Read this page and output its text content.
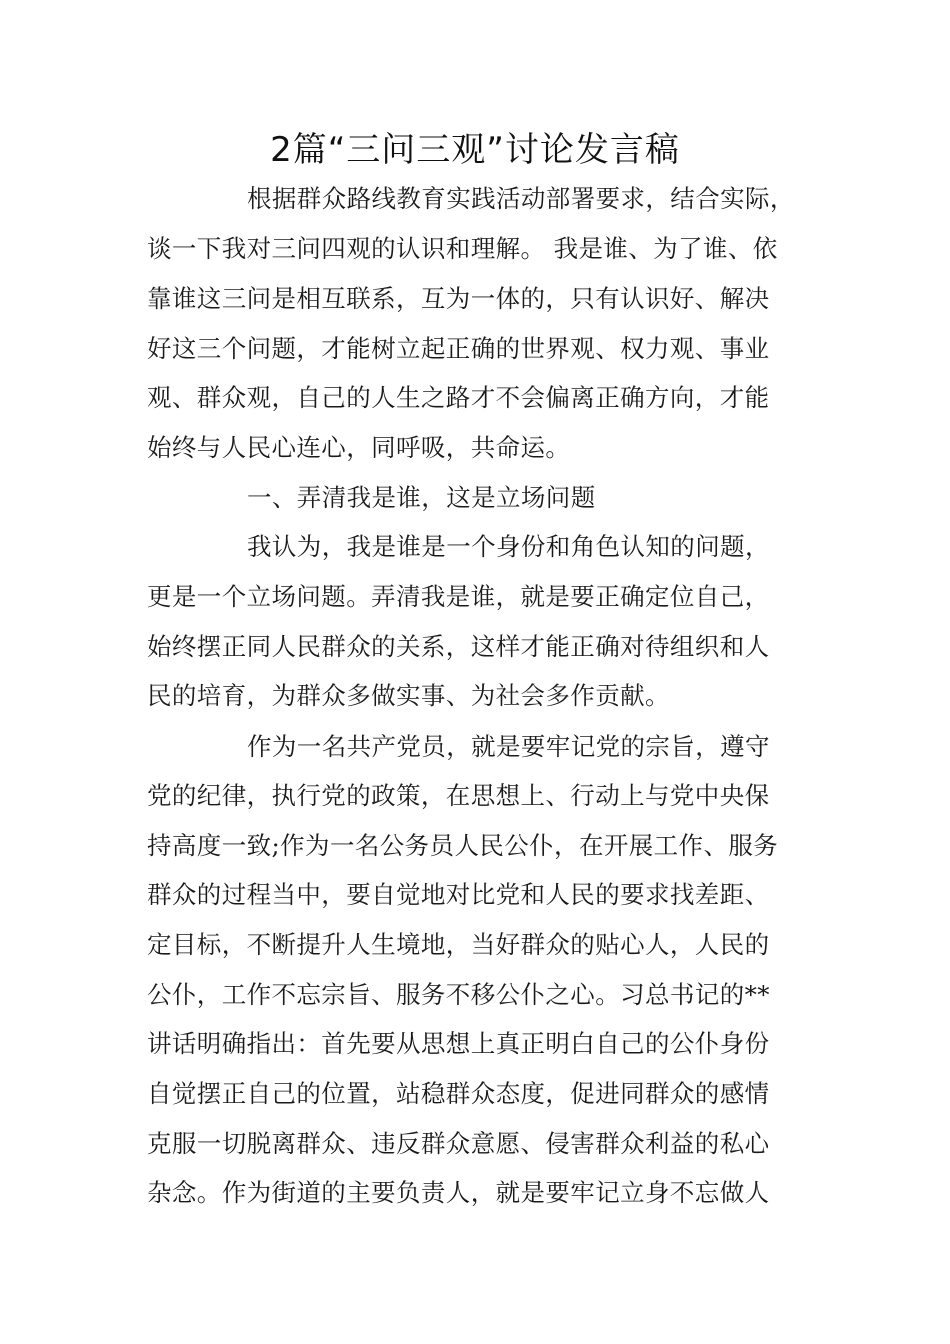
2篇“三问三观”讨论发言稿
根据群众路线教育实践活动部署要求，结合实际，
谈一下我对三问四观的认识和理解。 我是谁、为了谁、依
靠谁这三问是相互联系，互为一体的，只有认识好、解决
好这三个问题，才能树立起正确的世界观、权力观、事业
观、群众观，自己的人生之路才不会偏离正确方向，才能
始终与人民心连心，同呼吸，共命运。
一、弄清我是谁，这是立场问题
我认为，我是谁是一个身份和角色认知的问题，
更是一个立场问题。弄清我是谁，就是要正确定位自己，
始终摆正同人民群众的关系，这样才能正确对待组织和人
民的培育，为群众多做实事、为社会多作贡献。
作为一名共产党员，就是要牢记党的宗旨，遵守
党的纪律，执行党的政策，在思想上、行动上与党中央保
持高度一致;作为一名公务员人民公仆，在开展工作、服务
群众的过程当中，要自觉地对比党和人民的要求找差距、
定目标，不断提升人生境地，当好群众的贴心人，人民的
公仆，工作不忘宗旨、服务不移公仆之心。习总书记的**
讲话明确指出：首先要从思想上真正明白自己的公仆身份
自觉摆正自己的位置，站稳群众态度，促进同群众的感情
克服一切脱离群众、违反群众意愿、侵害群众利益的私心
杂念。作为街道的主要负责人，就是要牢记立身不忘做人
